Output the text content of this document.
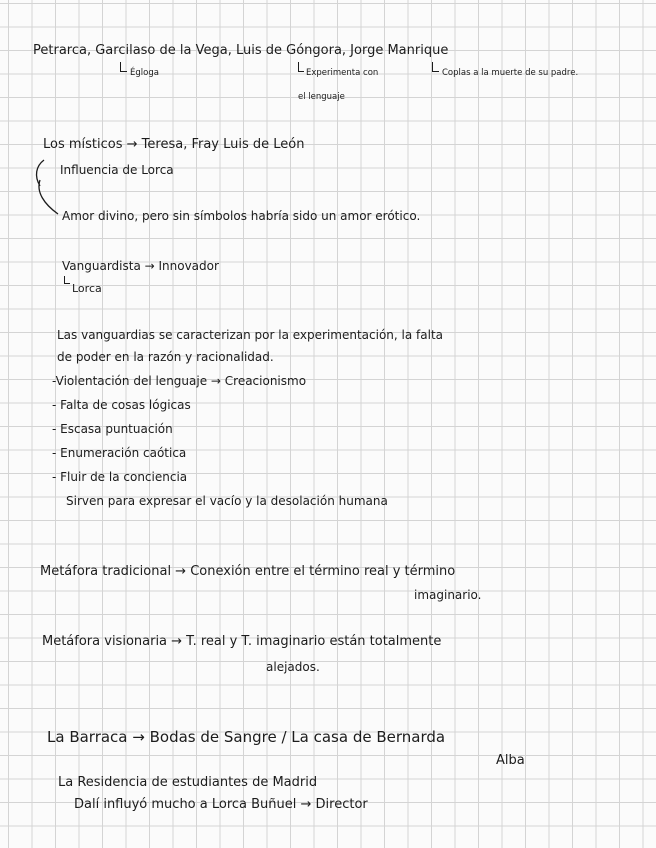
Petrarca, Garcilaso de la Vega, Luis de Góngora, Jorge Manrique
Égloga	Experimenta con
el lenguaje
Coplas a la muerte de su padre.
Los místicos → Teresa, Fray Luis de León
Influencia de Lorca
Amor divino, pero sin símbolos habría sido un amor erótico.
Vanguardista → Innovador
Lorca
Las vanguardias se caracterizan por la experimentación, la falta
de poder en la razón y racionalidad.
-Violentación del lenguaje → Creacionismo
- Falta de cosas lógicas
- Escasa puntuación
- Enumeración caótica
- Fluir de la conciencia
Sirven para expresar el vacío y la desolación humana
Metáfora tradicional → Conexión entre el término real y término
imaginario.
Metáfora visionaria → T. real y T. imaginario están totalmente
alejados.
La Barraca → Bodas de Sangre / La casa de Bernarda
Alba
La Residencia de estudiantes de Madrid
Dalí influyó mucho a Lorca Buñuel → Director
